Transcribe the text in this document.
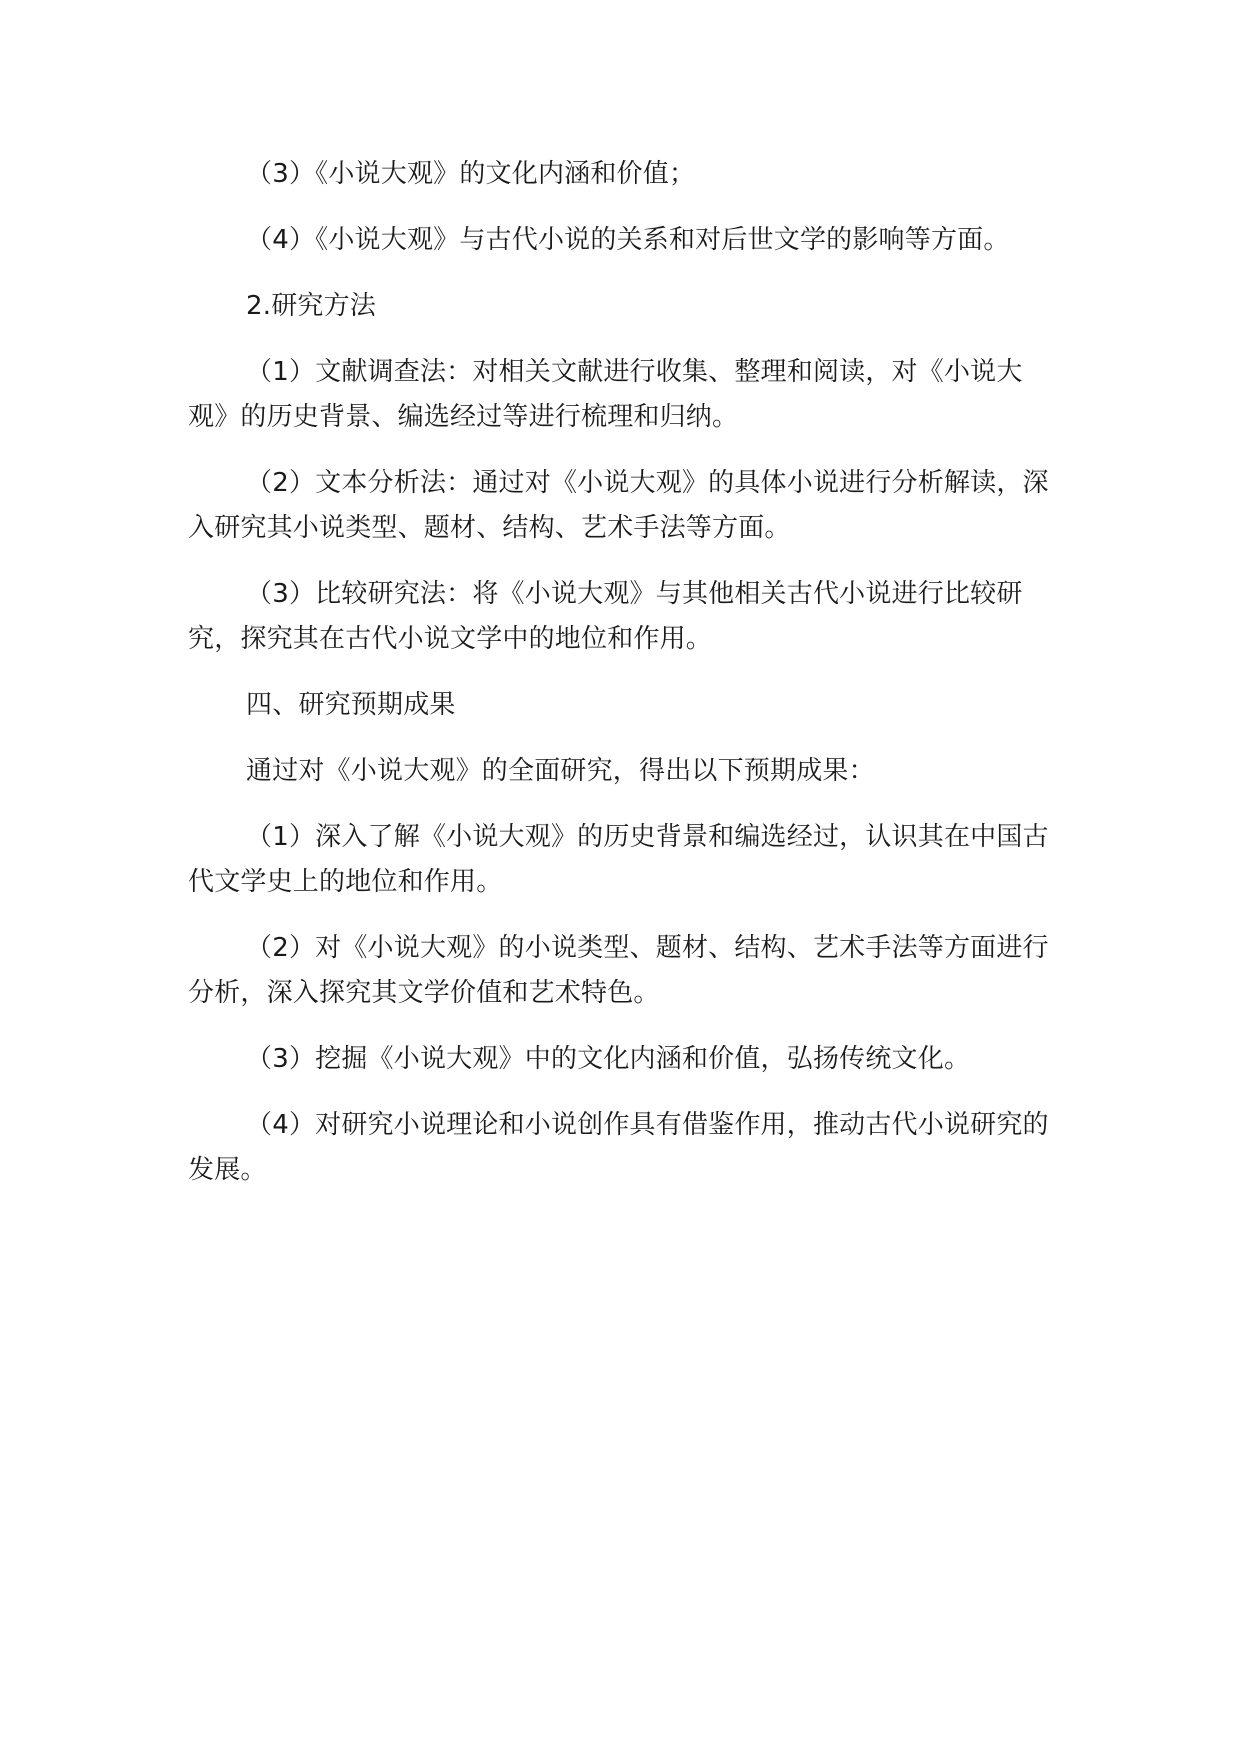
（3）《小说大观》的文化内涵和价值；

（4）《小说大观》与古代小说的关系和对后世文学的影响等方面。

2.研究方法

（1）文献调查法：对相关文献进行收集、整理和阅读，对《小说大观》的历史背景、编选经过等进行梳理和归纳。

（2）文本分析法：通过对《小说大观》的具体小说进行分析解读，深入研究其小说类型、题材、结构、艺术手法等方面。

（3）比较研究法：将《小说大观》与其他相关古代小说进行比较研究，探究其在古代小说文学中的地位和作用。

四、研究预期成果

通过对《小说大观》的全面研究，得出以下预期成果：

（1）深入了解《小说大观》的历史背景和编选经过，认识其在中国古代文学史上的地位和作用。

（2）对《小说大观》的小说类型、题材、结构、艺术手法等方面进行分析，深入探究其文学价值和艺术特色。

（3）挖掘《小说大观》中的文化内涵和价值，弘扬传统文化。

（4）对研究小说理论和小说创作具有借鉴作用，推动古代小说研究的发展。
